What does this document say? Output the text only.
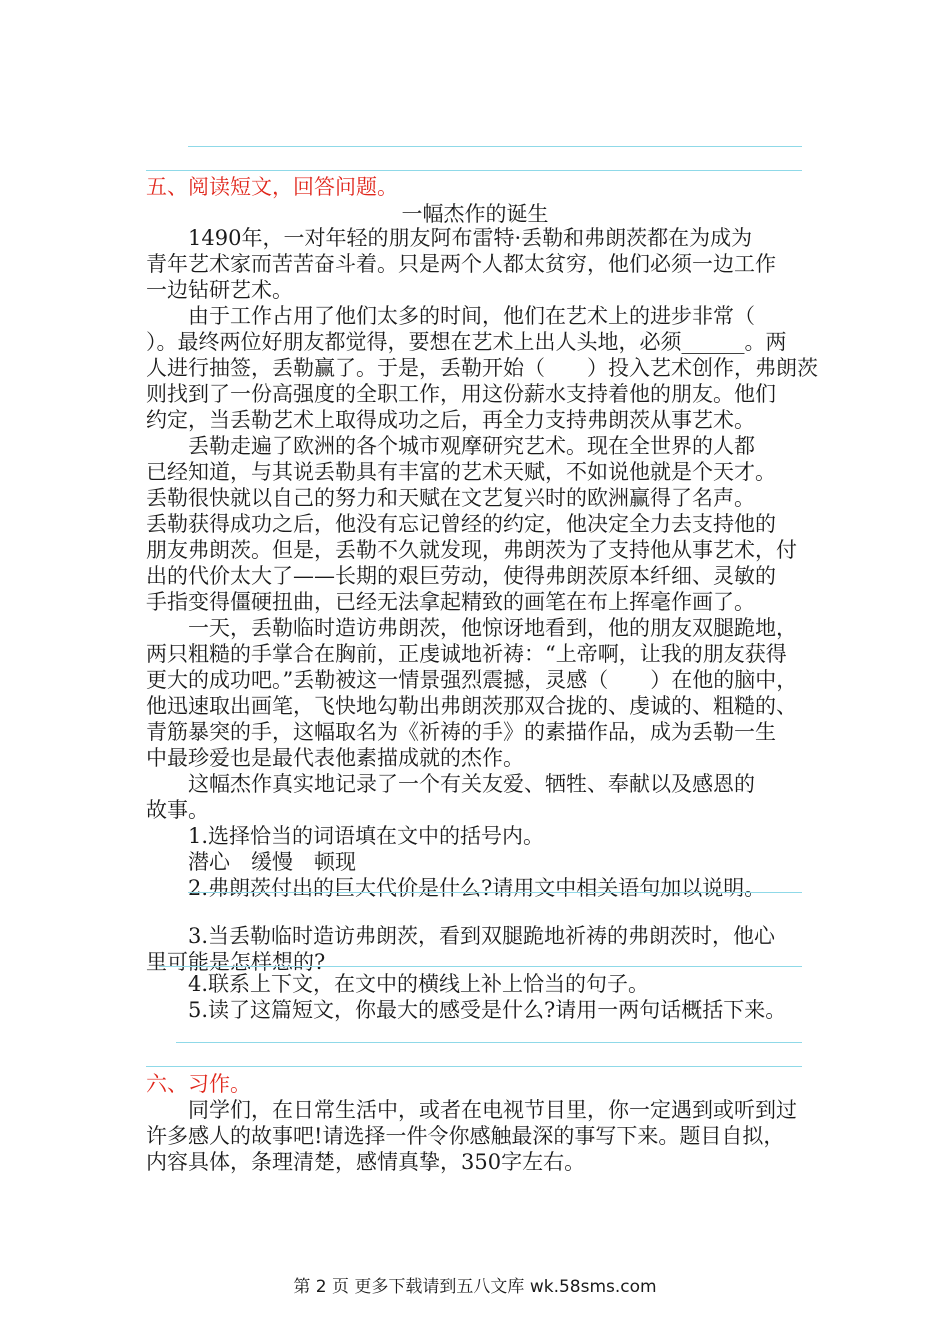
五、阅读短文，回答问题。
一幅杰作的诞生
1490年，一对年轻的朋友阿布雷特·丢勒和弗朗茨都在为成为
青年艺术家而苦苦奋斗着。只是两个人都太贫穷，他们必须一边工作
一边钻研艺术。
由于工作占用了他们太多的时间，他们在艺术上的进步非常（
）。最终两位好朋友都觉得，要想在艺术上出人头地，必须______。两
人进行抽签，丢勒赢了。于是，丢勒开始（　　）投入艺术创作，弗朗茨
则找到了一份高强度的全职工作，用这份薪水支持着他的朋友。他们
约定，当丢勒艺术上取得成功之后，再全力支持弗朗茨从事艺术。
丢勒走遍了欧洲的各个城市观摩研究艺术。现在全世界的人都
已经知道，与其说丢勒具有丰富的艺术天赋，不如说他就是个天才。
丢勒很快就以自己的努力和天赋在文艺复兴时的欧洲赢得了名声。
丢勒获得成功之后，他没有忘记曾经的约定，他决定全力去支持他的
朋友弗朗茨。但是，丢勒不久就发现，弗朗茨为了支持他从事艺术，付
出的代价太大了——长期的艰巨劳动，使得弗朗茨原本纤细、灵敏的
手指变得僵硬扭曲，已经无法拿起精致的画笔在布上挥毫作画了。
一天，丢勒临时造访弗朗茨，他惊讶地看到，他的朋友双腿跪地，
两只粗糙的手掌合在胸前，正虔诚地祈祷：“上帝啊，让我的朋友获得
更大的成功吧。”丢勒被这一情景强烈震撼，灵感（　　）在他的脑中，
他迅速取出画笔，飞快地勾勒出弗朗茨那双合拢的、虔诚的、粗糙的、
青筋暴突的手，这幅取名为《祈祷的手》的素描作品，成为丢勒一生
中最珍爱也是最代表他素描成就的杰作。
这幅杰作真实地记录了一个有关友爱、牺牲、奉献以及感恩的
故事。
1.选择恰当的词语填在文中的括号内。
潜心　缓慢　顿现
2.弗朗茨付出的巨大代价是什么?请用文中相关语句加以说明。
3.当丢勒临时造访弗朗茨，看到双腿跪地祈祷的弗朗茨时，他心
里可能是怎样想的?
4.联系上下文，在文中的横线上补上恰当的句子。
5.读了这篇短文，你最大的感受是什么?请用一两句话概括下来。
六、习作。
同学们，在日常生活中，或者在电视节目里，你一定遇到或听到过
许多感人的故事吧!请选择一件令你感触最深的事写下来。题目自拟，
内容具体，条理清楚，感情真挚，350字左右。
第 2 页 更多下载请到五八文库 wk.58sms.com
